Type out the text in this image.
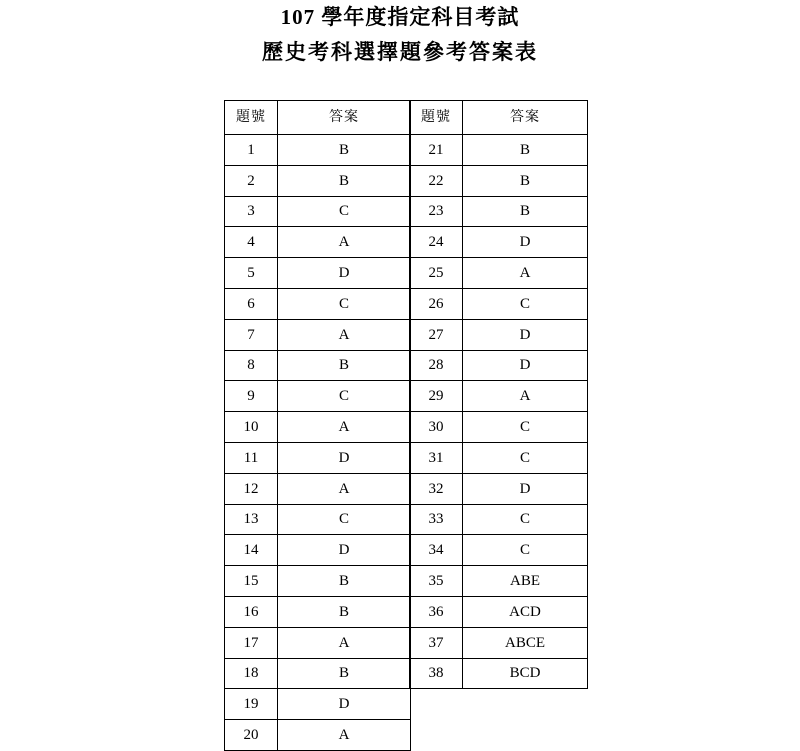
107 學年度指定科目考試
歷史考科選擇題參考答案表
題號	答案
1	B
2	B
3	C
4	A
5	D
6	C
7	A
8	B
9	C
10	A
11	D
12	A
13	C
14	D
15	B
16	B
17	A
18	B
19	D
20	A
題號	答案
21	B
22	B
23	B
24	D
25	A
26	C
27	D
28	D
29	A
30	C
31	C
32	D
33	C
34	C
35	ABE
36	ACD
37	ABCE
38	BCD
